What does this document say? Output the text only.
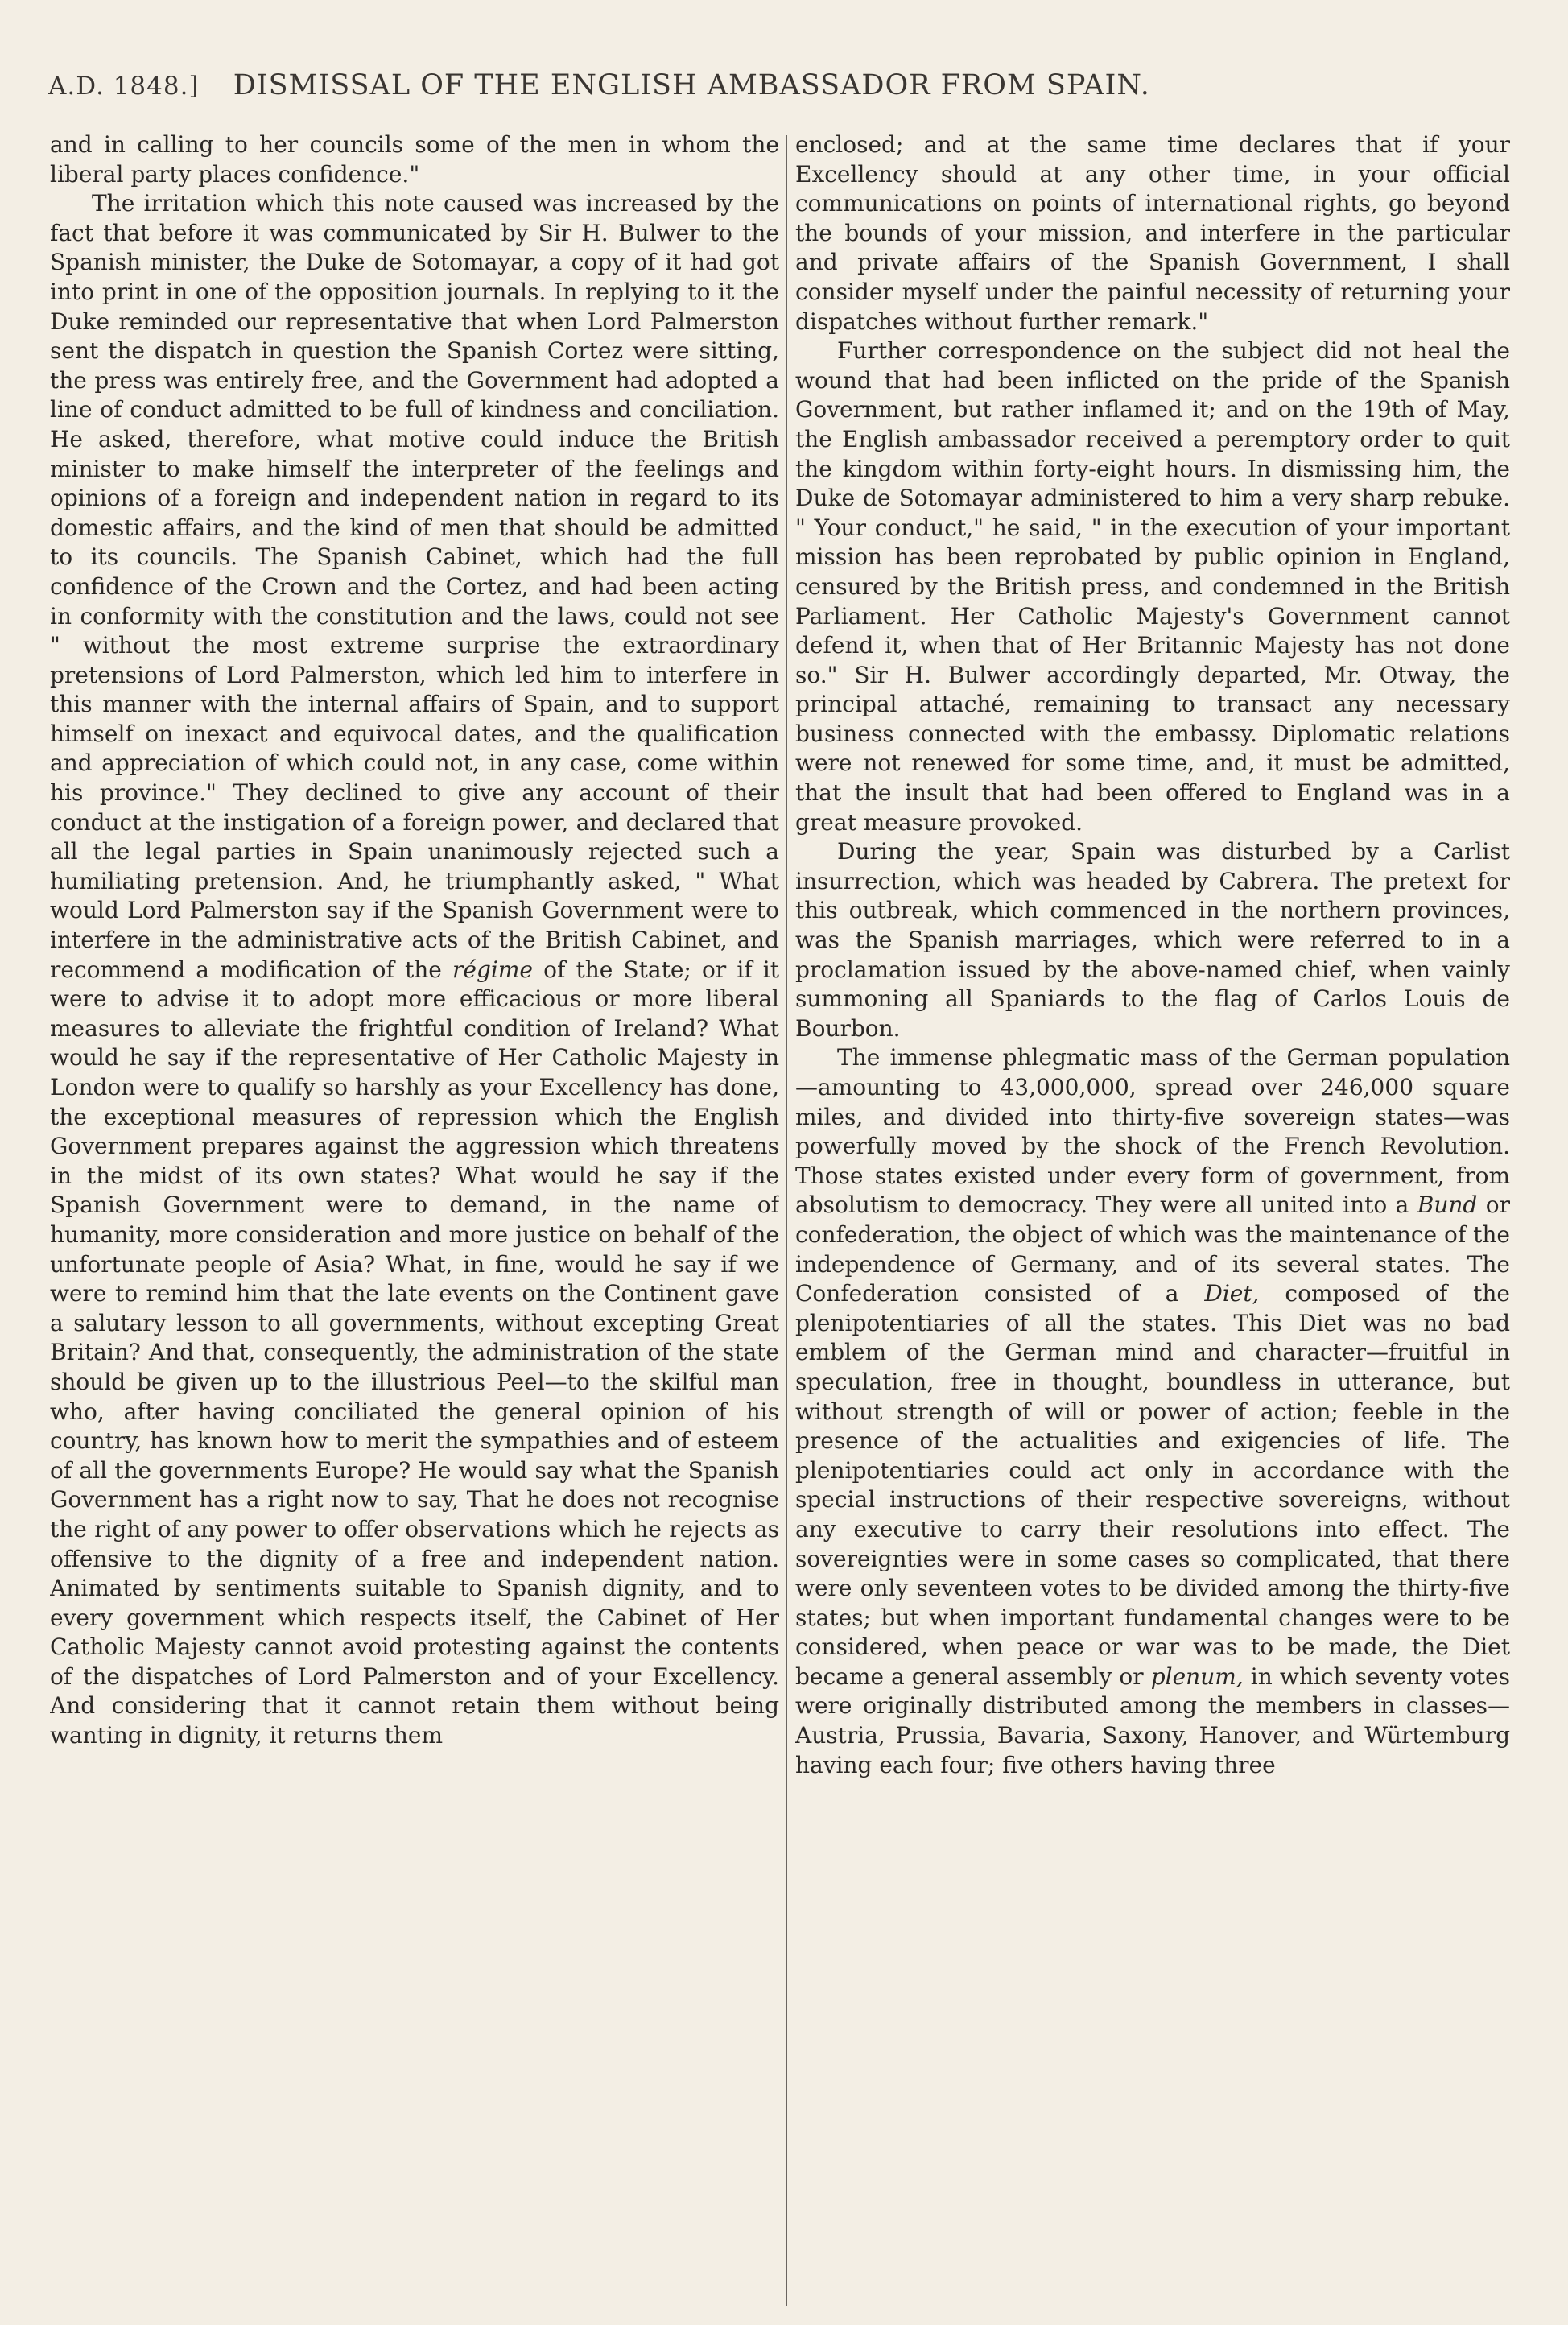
A.D. 1848.] DISMISSAL OF THE ENGLISH AMBASSADOR FROM SPAIN.

and in calling to her councils some of the men in whom the liberal party places confidence."

The irritation which this note caused was increased by the fact that before it was communicated by Sir H. Bulwer to the Spanish minister, the Duke de Sotomayar, a copy of it had got into print in one of the opposition journals. In replying to it the Duke reminded our representative that when Lord Palmerston sent the dispatch in question the Spanish Cortez were sitting, the press was entirely free, and the Government had adopted a line of conduct admitted to be full of kindness and conciliation. He asked, therefore, what motive could induce the British minister to make himself the interpreter of the feelings and opinions of a foreign and independent nation in regard to its domestic affairs, and the kind of men that should be admitted to its councils. The Spanish Cabinet, which had the full confidence of the Crown and the Cortez, and had been acting in conformity with the constitution and the laws, could not see " without the most extreme surprise the extraordinary pretensions of Lord Palmerston, which led him to interfere in this manner with the internal affairs of Spain, and to support himself on inexact and equivocal dates, and the qualification and appreciation of which could not, in any case, come within his province." They declined to give any account of their conduct at the instigation of a foreign power, and declared that all the legal parties in Spain unanimously rejected such a humiliating pretension. And, he triumphantly asked, " What would Lord Palmerston say if the Spanish Government were to interfere in the administrative acts of the British Cabinet, and recommend a modification of the régime of the State; or if it were to advise it to adopt more efficacious or more liberal measures to alleviate the frightful condition of Ireland? What would he say if the representative of Her Catholic Majesty in London were to qualify so harshly as your Excellency has done, the exceptional measures of repression which the English Government prepares against the aggression which threatens in the midst of its own states? What would he say if the Spanish Government were to demand, in the name of humanity, more consideration and more justice on behalf of the unfortunate people of Asia? What, in fine, would he say if we were to remind him that the late events on the Continent gave a salutary lesson to all governments, without excepting Great Britain? And that, consequently, the administration of the state should be given up to the illustrious Peel—to the skilful man who, after having conciliated the general opinion of his country, has known how to merit the sympathies and of esteem of all the governments Europe? He would say what the Spanish Government has a right now to say, That he does not recognise the right of any power to offer observations which he rejects as offensive to the dignity of a free and independent nation. Animated by sentiments suitable to Spanish dignity, and to every government which respects itself, the Cabinet of Her Catholic Majesty cannot avoid protesting against the contents of the dispatches of Lord Palmerston and of your Excellency. And considering that it cannot retain them without being wanting in dignity, it returns them

enclosed; and at the same time declares that if your Excellency should at any other time, in your official communications on points of international rights, go beyond the bounds of your mission, and interfere in the particular and private affairs of the Spanish Government, I shall consider myself under the painful necessity of returning your dispatches without further remark."

Further correspondence on the subject did not heal the wound that had been inflicted on the pride of the Spanish Government, but rather inflamed it; and on the 19th of May, the English ambassador received a peremptory order to quit the kingdom within forty-eight hours. In dismissing him, the Duke de Sotomayar administered to him a very sharp rebuke. " Your conduct," he said, " in the execution of your important mission has been reprobated by public opinion in England, censured by the British press, and condemned in the British Parliament. Her Catholic Majesty's Government cannot defend it, when that of Her Britannic Majesty has not done so." Sir H. Bulwer accordingly departed, Mr. Otway, the principal attaché, remaining to transact any necessary business connected with the embassy. Diplomatic relations were not renewed for some time, and, it must be admitted, that the insult that had been offered to England was in a great measure provoked.

During the year, Spain was disturbed by a Carlist insurrection, which was headed by Cabrera. The pretext for this outbreak, which commenced in the northern provinces, was the Spanish marriages, which were referred to in a proclamation issued by the above-named chief, when vainly summoning all Spaniards to the flag of Carlos Louis de Bourbon.

The immense phlegmatic mass of the German population—amounting to 43,000,000, spread over 246,000 square miles, and divided into thirty-five sovereign states—was powerfully moved by the shock of the French Revolution. Those states existed under every form of government, from absolutism to democracy. They were all united into a Bund or confederation, the object of which was the maintenance of the independence of Germany, and of its several states. The Confederation consisted of a Diet, composed of the plenipotentiaries of all the states. This Diet was no bad emblem of the German mind and character—fruitful in speculation, free in thought, boundless in utterance, but without strength of will or power of action; feeble in the presence of the actualities and exigencies of life. The plenipotentiaries could act only in accordance with the special instructions of their respective sovereigns, without any executive to carry their resolutions into effect. The sovereignties were in some cases so complicated, that there were only seventeen votes to be divided among the thirty-five states; but when important fundamental changes were to be considered, when peace or war was to be made, the Diet became a general assembly or plenum, in which seventy votes were originally distributed among the members in classes—Austria, Prussia, Bavaria, Saxony, Hanover, and Würtemburg having each four; five others having three
